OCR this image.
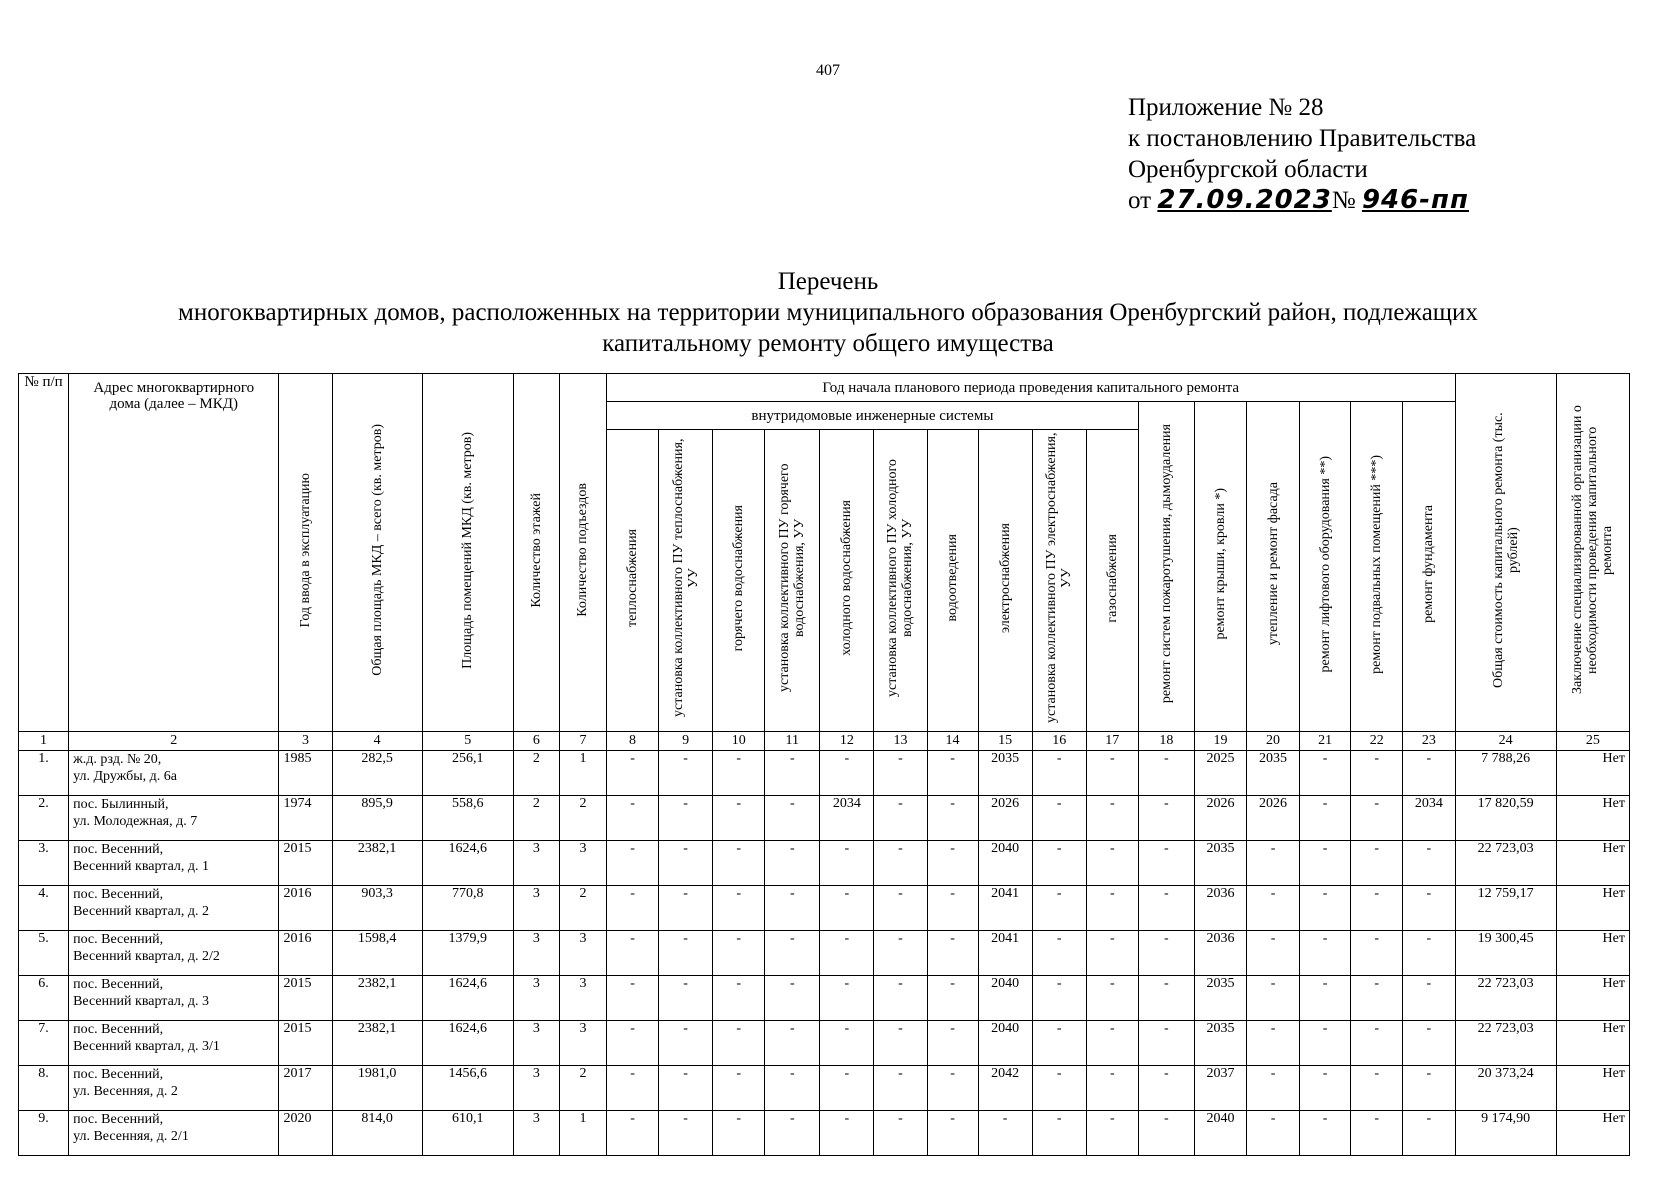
407
Приложение № 28
к постановлению Правительства
Оренбургской области
от 27.09.2023№ 946-пп
Перечень
многоквартирных домов, расположенных на территории муниципального образования Оренбургский район, подлежащих
капитальному ремонту общего имущества
№ п/п	Адрес многоквартирного дома (далее – МКД)	Год ввода в эксплуатацию	Общая площадь МКД – всего (кв. метров)	Площадь помещений МКД (кв. метров)	Количество этажей	Количество подъездов	Год начала планового периода проведения капитального ремонта																Общая стоимость капитального ремонта (тыс. рублей)	Заключение специализированной организации о необходимости проведения капитального ремонта
							внутридомовые инженерные системы										ремонт систем пожаротушения, дымоудаления	ремонт крыши, кровли *)	утепление и ремонт фасада	ремонт лифтового оборудования **)	ремонт подвальных помещений ***)	ремонт фундамента		
							теплоснабжения	установка коллективного ПУ теплоснабжения, УУ	горячего водоснабжения	установка коллективного ПУ горячего водоснабжения, УУ	холодного водоснабжения	установка коллективного ПУ холодного водоснабжения, УУ	водоотведения	электроснабжения	установка коллективного ПУ электроснабжения, УУ	газоснабжения								
1	2	3	4	5	6	7	8	9	10	11	12	13	14	15	16	17	18	19	20	21	22	23	24	25
1.	ж.д. рзд. № 20,
ул. Дружбы, д. 6а	1985	282,5	256,1	2	1	-	-	-	-	-	-	-	2035	-	-	-	2025	2035	-	-	-	7 788,26	Нет
2.	пос. Былинный,
ул. Молодежная, д. 7	1974	895,9	558,6	2	2	-	-	-	-	2034	-	-	2026	-	-	-	2026	2026	-	-	2034	17 820,59	Нет
3.	пос. Весенний,
Весенний квартал, д. 1	2015	2382,1	1624,6	3	3	-	-	-	-	-	-	-	2040	-	-	-	2035	-	-	-	-	22 723,03	Нет
4.	пос. Весенний,
Весенний квартал, д. 2	2016	903,3	770,8	3	2	-	-	-	-	-	-	-	2041	-	-	-	2036	-	-	-	-	12 759,17	Нет
5.	пос. Весенний,
Весенний квартал, д. 2/2	2016	1598,4	1379,9	3	3	-	-	-	-	-	-	-	2041	-	-	-	2036	-	-	-	-	19 300,45	Нет
6.	пос. Весенний,
Весенний квартал, д. 3	2015	2382,1	1624,6	3	3	-	-	-	-	-	-	-	2040	-	-	-	2035	-	-	-	-	22 723,03	Нет
7.	пос. Весенний,
Весенний квартал, д. 3/1	2015	2382,1	1624,6	3	3	-	-	-	-	-	-	-	2040	-	-	-	2035	-	-	-	-	22 723,03	Нет
8.	пос. Весенний,
ул. Весенняя, д. 2	2017	1981,0	1456,6	3	2	-	-	-	-	-	-	-	2042	-	-	-	2037	-	-	-	-	20 373,24	Нет
9.	пос. Весенний,
ул. Весенняя, д. 2/1	2020	814,0	610,1	3	1	-	-	-	-	-	-	-	-	-	-	-	2040	-	-	-	-	9 174,90	Нет
